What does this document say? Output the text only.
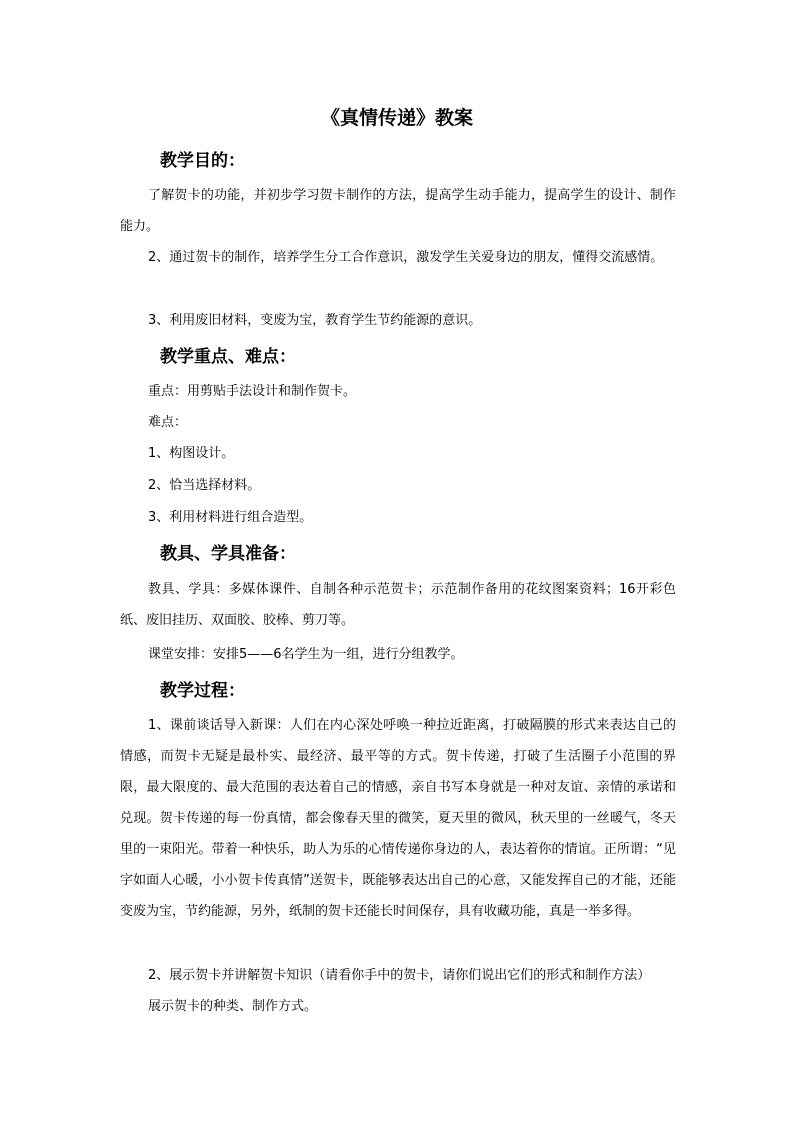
《真情传递》教案
教学目的：
了解贺卡的功能，并初步学习贺卡制作的方法，提高学生动手能力，提高学生的设计、制作能力。
2、通过贺卡的制作，培养学生分工合作意识，激发学生关爱身边的朋友，懂得交流感情。
3、利用废旧材料，变废为宝，教育学生节约能源的意识。
教学重点、难点：
重点：用剪贴手法设计和制作贺卡。
难点：
1、构图设计。
2、恰当选择材料。
3、利用材料进行组合造型。
教具、学具准备：
教具、学具：多媒体课件、自制各种示范贺卡；示范制作备用的花纹图案资料；16开彩色纸、废旧挂历、双面胶、胶棒、剪刀等。
课堂安排：安排5——6名学生为一组，进行分组教学。
教学过程：
1、课前谈话导入新课：人们在内心深处呼唤一种拉近距离，打破隔膜的形式来表达自己的情感，而贺卡无疑是最朴实、最经济、最平等的方式。贺卡传递，打破了生活圈子小范围的界限，最大限度的、最大范围的表达着自己的情感，亲自书写本身就是一种对友谊、亲情的承诺和兑现。贺卡传递的每一份真情，都会像春天里的微笑，夏天里的微风，秋天里的一丝暖气，冬天里的一束阳光。带着一种快乐，助人为乐的心情传递你身边的人，表达着你的情谊。正所谓：“见字如面人心暖，小小贺卡传真情”送贺卡，既能够表达出自己的心意，又能发挥自己的才能，还能变废为宝，节约能源，另外，纸制的贺卡还能长时间保存，具有收藏功能，真是一举多得。
2、展示贺卡并讲解贺卡知识（请看你手中的贺卡，请你们说出它们的形式和制作方法）
展示贺卡的种类、制作方式。
